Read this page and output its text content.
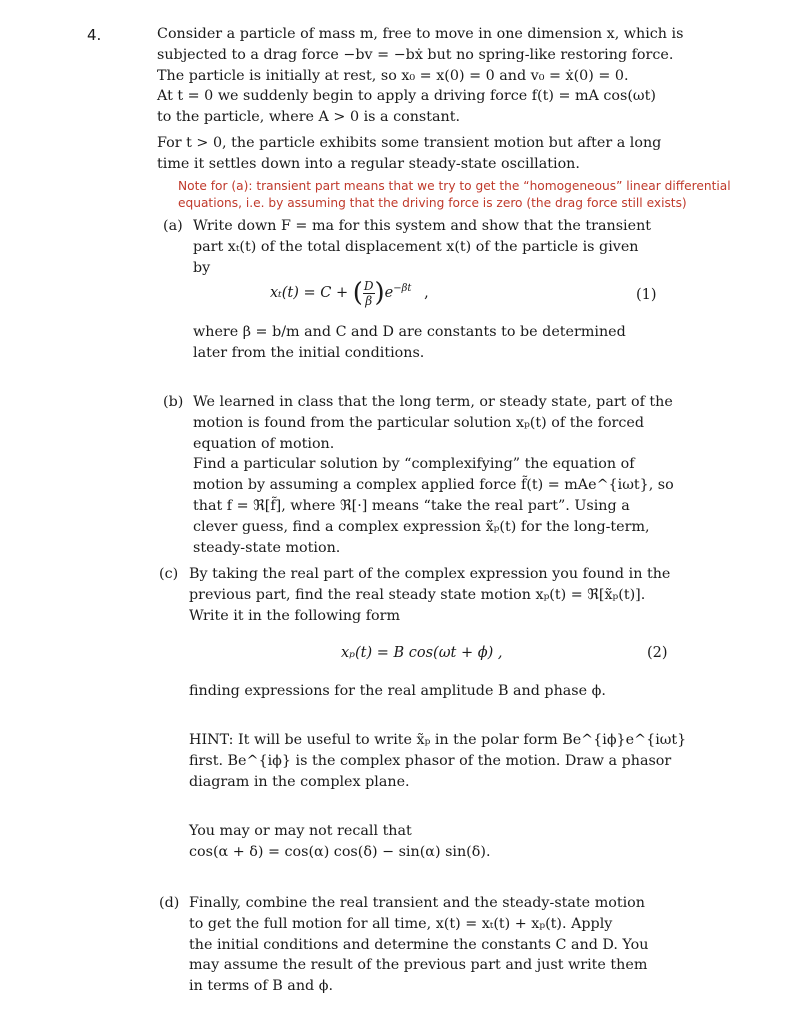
4.	Consider a particle of mass m, free to move in one dimension x, which is
subjected to a drag force −bv = −bẋ but no spring-like restoring force.
The particle is initially at rest, so x₀ = x(0) = 0 and v₀ = ẋ(0) = 0.
At t = 0 we suddenly begin to apply a driving force f(t) = mA cos(ωt)
to the particle, where A > 0 is a constant.
For t > 0, the particle exhibits some transient motion but after a long
time it settles down into a regular steady-state oscillation.
Note for (a): transient part means that we try to get the “homogeneous” linear differential
equations, i.e. by assuming that the driving force is zero (the drag force still exists)
(a) Write down F = ma for this system and show that the transient
part xₜ(t) of the total displacement x(t) of the particle is given
by
xₜ(t) = C + ( $\frac{D}{\beta} )e^{-\beta t}$ ,	(1)
where β = b/m and C and D are constants to be determined
later from the initial conditions.
(b) We learned in class that the long term, or steady state, part of the
motion is found from the particular solution xₚ(t) of the forced
equation of motion.
Find a particular solution by “complexifying” the equation of
motion by assuming a complex applied force f̃(t) = mAe^{iωt}, so
that f = ℜ[f̃], where ℜ[·] means “take the real part”. Using a
clever guess, find a complex expression x̃ₚ(t) for the long-term,
steady-state motion.
(c) By taking the real part of the complex expression you found in the
previous part, find the real steady state motion xₚ(t) = ℜ[x̃ₚ(t)].
Write it in the following form
xₚ(t) = B cos(ωt + ϕ) ,	(2)
finding expressions for the real amplitude B and phase ϕ.
HINT: It will be useful to write x̃ₚ in the polar form Be^{iϕ}e^{iωt}
first. Be^{iϕ} is the complex phasor of the motion. Draw a phasor
diagram in the complex plane.
You may or may not recall that
cos(α + δ) = cos(α) cos(δ) − sin(α) sin(δ).
(d) Finally, combine the real transient and the steady-state motion
to get the full motion for all time, x(t) = xₜ(t) + xₚ(t). Apply
the initial conditions and determine the constants C and D. You
may assume the result of the previous part and just write them
in terms of B and ϕ.
